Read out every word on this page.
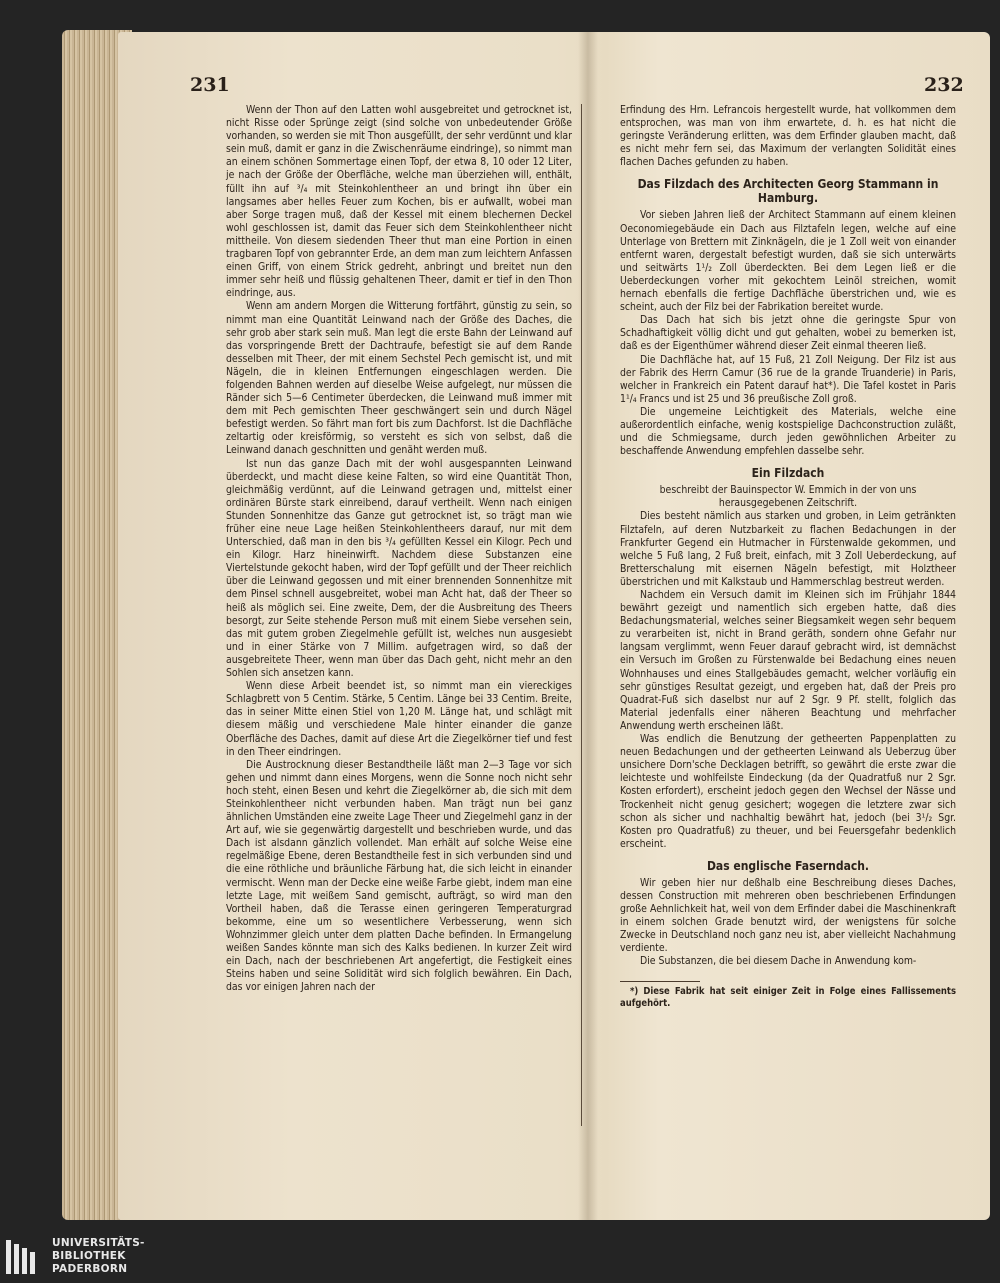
231	232

Wenn der Thon auf den Latten wohl ausgebreitet und getrocknet ist, nicht Risse oder Sprünge zeigt (sind solche von unbedeutender Größe vorhanden, so werden sie mit Thon ausgefüllt, der sehr verdünnt und klar sein muß, damit er ganz in die Zwischenräume eindringe), so nimmt man an einem schönen Sommertage einen Topf, der etwa 8, 10 oder 12 Liter, je nach der Größe der Oberfläche, welche man überziehen will, enthält, füllt ihn auf ³/₄ mit Steinkohlentheer an und bringt ihn über ein langsames aber helles Feuer zum Kochen, bis er aufwallt, wobei man aber Sorge tragen muß, daß der Kessel mit einem blechernen Deckel wohl geschlossen ist, damit das Feuer sich dem Steinkohlentheer nicht mittheile. Von diesem siedenden Theer thut man eine Portion in einen tragbaren Topf von gebrannter Erde, an dem man zum leichtern Anfassen einen Griff, von einem Strick gedreht, anbringt und breitet nun den immer sehr heiß und flüssig gehaltenen Theer, damit er tief in den Thon eindringe, aus.

Wenn am andern Morgen die Witterung fortfährt, günstig zu sein, so nimmt man eine Quantität Leinwand nach der Größe des Daches, die sehr grob aber stark sein muß. Man legt die erste Bahn der Leinwand auf das vorspringende Brett der Dachtraufe, befestigt sie auf dem Rande desselben mit Theer, der mit einem Sechstel Pech gemischt ist, und mit Nägeln, die in kleinen Entfernungen eingeschlagen werden. Die folgenden Bahnen werden auf dieselbe Weise aufgelegt, nur müssen die Ränder sich 5—6 Centimeter überdecken, die Leinwand muß immer mit dem mit Pech gemischten Theer geschwängert sein und durch Nägel befestigt werden. So fährt man fort bis zum Dachforst. Ist die Dachfläche zeltartig oder kreisförmig, so versteht es sich von selbst, daß die Leinwand danach geschnitten und genäht werden muß.

Ist nun das ganze Dach mit der wohl ausgespannten Leinwand überdeckt, und macht diese keine Falten, so wird eine Quantität Thon, gleichmäßig verdünnt, auf die Leinwand getragen und, mittelst einer ordinären Bürste stark einreibend, darauf vertheilt. Wenn nach einigen Stunden Sonnenhitze das Ganze gut getrocknet ist, so trägt man wie früher eine neue Lage heißen Steinkohlentheers darauf, nur mit dem Unterschied, daß man in den bis ³/₄ gefüllten Kessel ein Kilogr. Pech und ein Kilogr. Harz hineinwirft. Nachdem diese Substanzen eine Viertelstunde gekocht haben, wird der Topf gefüllt und der Theer reichlich über die Leinwand gegossen und mit einer brennenden Sonnenhitze mit dem Pinsel schnell ausgebreitet, wobei man Acht hat, daß der Theer so heiß als möglich sei. Eine zweite, Dem, der die Ausbreitung des Theers besorgt, zur Seite stehende Person muß mit einem Siebe versehen sein, das mit gutem groben Ziegelmehle gefüllt ist, welches nun ausgesiebt und in einer Stärke von 7 Millim. aufgetragen wird, so daß der ausgebreitete Theer, wenn man über das Dach geht, nicht mehr an den Sohlen sich ansetzen kann.

Wenn diese Arbeit beendet ist, so nimmt man ein viereckiges Schlagbrett von 5 Centim. Stärke, 5 Centim. Länge bei 33 Centim. Breite, das in seiner Mitte einen Stiel von 1,20 M. Länge hat, und schlägt mit diesem mäßig und verschiedene Male hinter einander die ganze Oberfläche des Daches, damit auf diese Art die Ziegelkörner tief und fest in den Theer eindringen.

Die Austrocknung dieser Bestandtheile läßt man 2—3 Tage vor sich gehen und nimmt dann eines Morgens, wenn die Sonne noch nicht sehr hoch steht, einen Besen und kehrt die Ziegelkörner ab, die sich mit dem Steinkohlentheer nicht verbunden haben. Man trägt nun bei ganz ähnlichen Umständen eine zweite Lage Theer und Ziegelmehl ganz in der Art auf, wie sie gegenwärtig dargestellt und beschrieben wurde, und das Dach ist alsdann gänzlich vollendet. Man erhält auf solche Weise eine regelmäßige Ebene, deren Bestandtheile fest in sich verbunden sind und die eine röthliche und bräunliche Färbung hat, die sich leicht in einander vermischt. Wenn man der Decke eine weiße Farbe giebt, indem man eine letzte Lage, mit weißem Sand gemischt, aufträgt, so wird man den Vortheil haben, daß die Terasse einen geringeren Temperaturgrad bekomme, eine um so wesentlichere Verbesserung, wenn sich Wohnzimmer gleich unter dem platten Dache befinden. In Ermangelung weißen Sandes könnte man sich des Kalks bedienen. In kurzer Zeit wird ein Dach, nach der beschriebenen Art angefertigt, die Festigkeit eines Steins haben und seine Solidität wird sich folglich bewähren. Ein Dach, das vor einigen Jahren nach der

Erfindung des Hrn. Lefrancois hergestellt wurde, hat vollkommen dem entsprochen, was man von ihm erwartete, d. h. es hat nicht die geringste Veränderung erlitten, was dem Erfinder glauben macht, daß es nicht mehr fern sei, das Maximum der verlangten Solidität eines flachen Daches gefunden zu haben.

Das Filzdach des Architecten Georg Stammann in Hamburg.

Vor sieben Jahren ließ der Architect Stammann auf einem kleinen Oeconomiegebäude ein Dach aus Filztafeln legen, welche auf eine Unterlage von Brettern mit Zinknägeln, die je 1 Zoll weit von einander entfernt waren, dergestalt befestigt wurden, daß sie sich unterwärts und seitwärts 1¹/₂ Zoll überdeckten. Bei dem Legen ließ er die Ueberdeckungen vorher mit gekochtem Leinöl streichen, womit hernach ebenfalls die fertige Dachfläche überstrichen und, wie es scheint, auch der Filz bei der Fabrikation bereitet wurde.

Das Dach hat sich bis jetzt ohne die geringste Spur von Schadhaftigkeit völlig dicht und gut gehalten, wobei zu bemerken ist, daß es der Eigenthümer während dieser Zeit einmal theeren ließ.

Die Dachfläche hat, auf 15 Fuß, 21 Zoll Neigung. Der Filz ist aus der Fabrik des Herrn Camur (36 rue de la grande Truanderie) in Paris, welcher in Frankreich ein Patent darauf hat*). Die Tafel kostet in Paris 1¹/₄ Francs und ist 25 und 36 preußische Zoll groß.

Die ungemeine Leichtigkeit des Materials, welche eine außerordentlich einfache, wenig kostspielige Dachconstruction zuläßt, und die Schmiegsame, durch jeden gewöhnlichen Arbeiter zu beschaffende Anwendung empfehlen dasselbe sehr.

Ein Filzdach

beschreibt der Bauinspector W. Emmich in der von uns herausgegebenen Zeitschrift.

Dies besteht nämlich aus starken und groben, in Leim getränkten Filztafeln, auf deren Nutzbarkeit zu flachen Bedachungen in der Frankfurter Gegend ein Hutmacher in Fürstenwalde gekommen, und welche 5 Fuß lang, 2 Fuß breit, einfach, mit 3 Zoll Ueberdeckung, auf Bretterschalung mit eisernen Nägeln befestigt, mit Holztheer überstrichen und mit Kalkstaub und Hammerschlag bestreut werden.

Nachdem ein Versuch damit im Kleinen sich im Frühjahr 1844 bewährt gezeigt und namentlich sich ergeben hatte, daß dies Bedachungsmaterial, welches seiner Biegsamkeit wegen sehr bequem zu verarbeiten ist, nicht in Brand geräth, sondern ohne Gefahr nur langsam verglimmt, wenn Feuer darauf gebracht wird, ist demnächst ein Versuch im Großen zu Fürstenwalde bei Bedachung eines neuen Wohnhauses und eines Stallgebäudes gemacht, welcher vorläufig ein sehr günstiges Resultat gezeigt, und ergeben hat, daß der Preis pro Quadrat-Fuß sich daselbst nur auf 2 Sgr. 9 Pf. stellt, folglich das Material jedenfalls einer näheren Beachtung und mehrfacher Anwendung werth erscheinen läßt.

Was endlich die Benutzung der getheerten Pappenplatten zu neuen Bedachungen und der getheerten Leinwand als Ueberzug über unsichere Dorn'sche Decklagen betrifft, so gewährt die erste zwar die leichteste und wohlfeilste Eindeckung (da der Quadratfuß nur 2 Sgr. Kosten erfordert), erscheint jedoch gegen den Wechsel der Nässe und Trockenheit nicht genug gesichert; wogegen die letztere zwar sich schon als sicher und nachhaltig bewährt hat, jedoch (bei 3¹/₂ Sgr. Kosten pro Quadratfuß) zu theuer, und bei Feuersgefahr bedenklich erscheint.

Das englische Faserndach.

Wir geben hier nur deßhalb eine Beschreibung dieses Daches, dessen Construction mit mehreren oben beschriebenen Erfindungen große Aehnlichkeit hat, weil von dem Erfinder dabei die Maschinenkraft in einem solchen Grade benutzt wird, der wenigstens für solche Zwecke in Deutschland noch ganz neu ist, aber vielleicht Nachahmung verdiente.

Die Substanzen, die bei diesem Dache in Anwendung kom-

*) Diese Fabrik hat seit einiger Zeit in Folge eines Fallissements aufgehört.

UNIVERSITÄTS-
BIBLIOTHEK
PADERBORN
